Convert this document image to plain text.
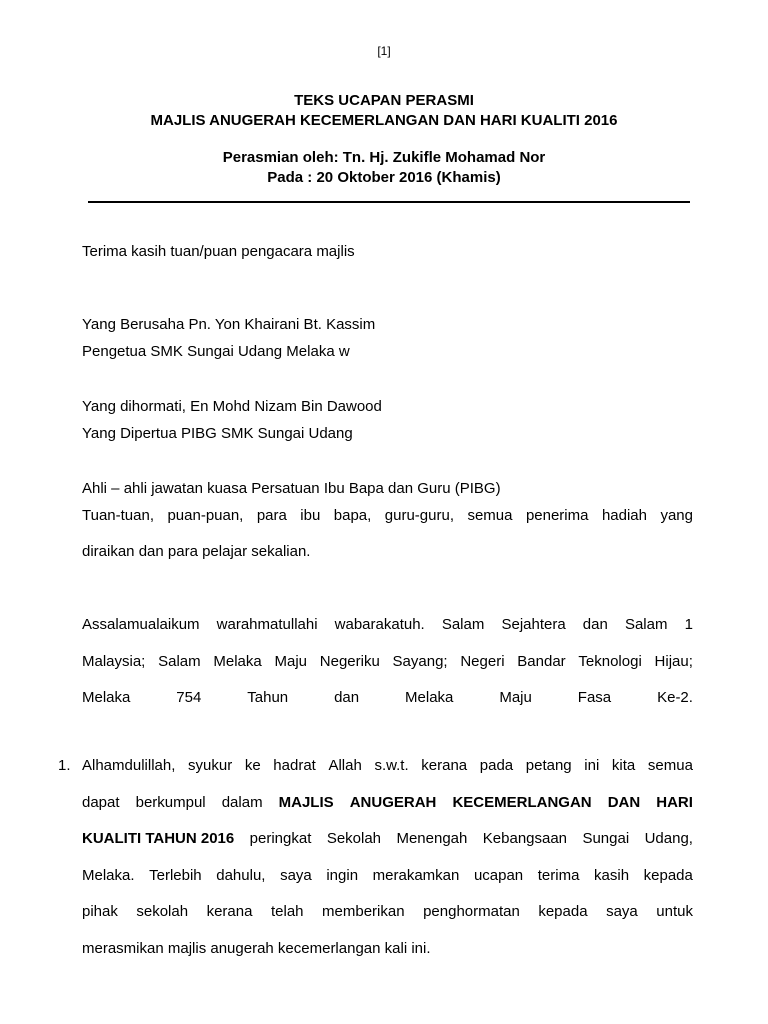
[1]
TEKS UCAPAN PERASMI
MAJLIS ANUGERAH KECEMERLANGAN DAN HARI KUALITI 2016
Perasmian oleh: Tn. Hj. Zukifle Mohamad Nor
Pada : 20 Oktober 2016 (Khamis)
Terima kasih tuan/puan pengacara majlis
Yang Berusaha Pn. Yon Khairani Bt. Kassim
Pengetua SMK Sungai Udang Melaka w
Yang dihormati, En Mohd Nizam Bin Dawood
Yang Dipertua PIBG SMK Sungai Udang
Ahli – ahli jawatan kuasa Persatuan Ibu Bapa dan Guru (PIBG)
Tuan-tuan, puan-puan, para ibu bapa, guru-guru, semua penerima hadiah yang
diraikan dan para pelajar sekalian.
Assalamualaikum warahmatullahi wabarakatuh. Salam Sejahtera dan Salam 1
Malaysia; Salam Melaka Maju Negeriku Sayang; Negeri Bandar Teknologi Hijau;
Melaka	754	Tahun	dan	Melaka	Maju	Fasa	Ke-2.
1. Alhamdulillah, syukur ke hadrat Allah s.w.t. kerana pada petang ini kita semua
dapat berkumpul dalam MAJLIS ANUGERAH KECEMERLANGAN DAN HARI
KUALITI TAHUN 2016 peringkat Sekolah Menengah Kebangsaan Sungai Udang,
Melaka. Terlebih dahulu, saya ingin merakamkan ucapan terima kasih kepada
pihak sekolah kerana telah memberikan penghormatan kepada saya untuk
merasmikan majlis anugerah kecemerlangan kali ini.
